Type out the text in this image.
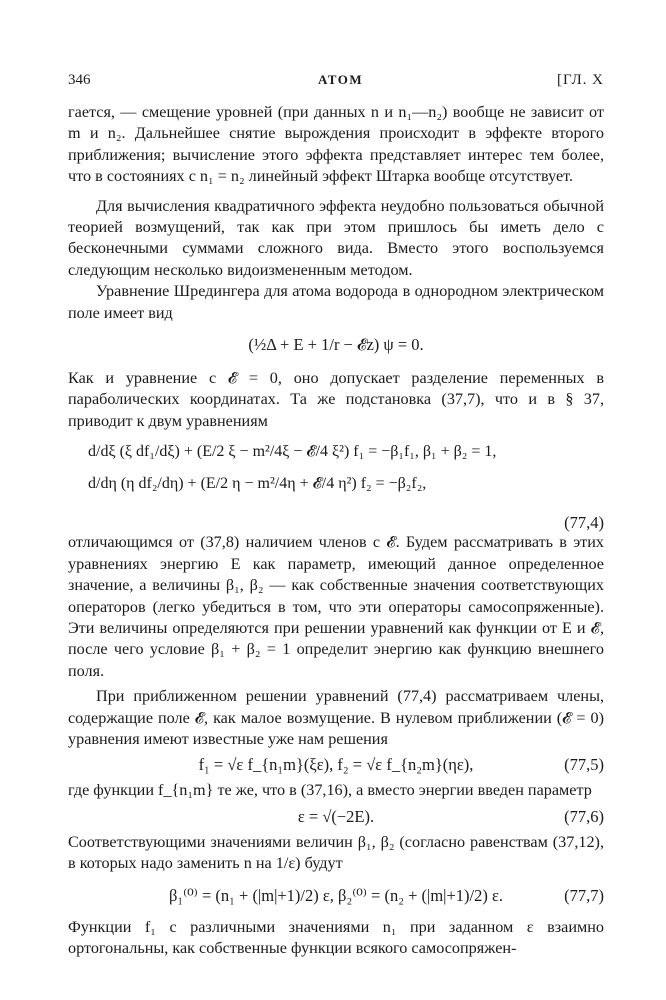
346	АТОМ	[ГЛ. X

гается, — смещение уровней (при данных n и n₁—n₂) вообще не зависит от m и n₂. Дальнейшее снятие вырождения происходит в эффекте второго приближения; вычисление этого эффекта представляет интерес тем более, что в состояниях с n₁ = n₂ линейный эффект Штарка вообще отсутствует.

Для вычисления квадратичного эффекта неудобно пользоваться обычной теорией возмущений, так как при этом пришлось бы иметь дело с бесконечными суммами сложного вида. Вместо этого воспользуемся следующим несколько видоизмененным методом.

Уравнение Шредингера для атома водорода в однородном электрическом поле имеет вид

(½Δ + E + 1/r − 𝓔z) ψ = 0.

Как и уравнение с 𝓔 = 0, оно допускает разделение переменных в параболических координатах. Та же подстановка (37,7), что и в § 37, приводит к двум уравнениям

d/dξ (ξ df₁/dξ) + (E/2 ξ − m²/4ξ − 𝓔/4 ξ²) f₁ = −β₁f₁, β₁ + β₂ = 1,
d/dη (η df₂/dη) + (E/2 η − m²/4η + 𝓔/4 η²) f₂ = −β₂f₂,
(77,4)

отличающимся от (37,8) наличием членов с 𝓔. Будем рассматривать в этих уравнениях энергию E как параметр, имеющий данное определенное значение, а величины β₁, β₂ — как собственные значения соответствующих операторов (легко убедиться в том, что эти операторы самосопряженные). Эти величины определяются при решении уравнений как функции от E и 𝓔, после чего условие β₁ + β₂ = 1 определит энергию как функцию внешнего поля.

При приближенном решении уравнений (77,4) рассматриваем члены, содержащие поле 𝓔, как малое возмущение. В нулевом приближении (𝓔 = 0) уравнения имеют известные уже нам решения

f₁ = √ε f_{n₁m}(ξε), f₂ = √ε f_{n₂m}(ηε),	(77,5)

где функции f_{n₁m} те же, что в (37,16), а вместо энергии введен параметр

ε = √(−2E).	(77,6)

Соответствующими значениями величин β₁, β₂ (согласно равенствам (37,12), в которых надо заменить n на 1/ε) будут

β₁⁽⁰⁾ = (n₁ + (|m|+1)/2) ε, β₂⁽⁰⁾ = (n₂ + (|m|+1)/2) ε.	(77,7)

Функции f₁ с различными значениями n₁ при заданном ε взаимно ортогональны, как собственные функции всякого самосопряжен-
